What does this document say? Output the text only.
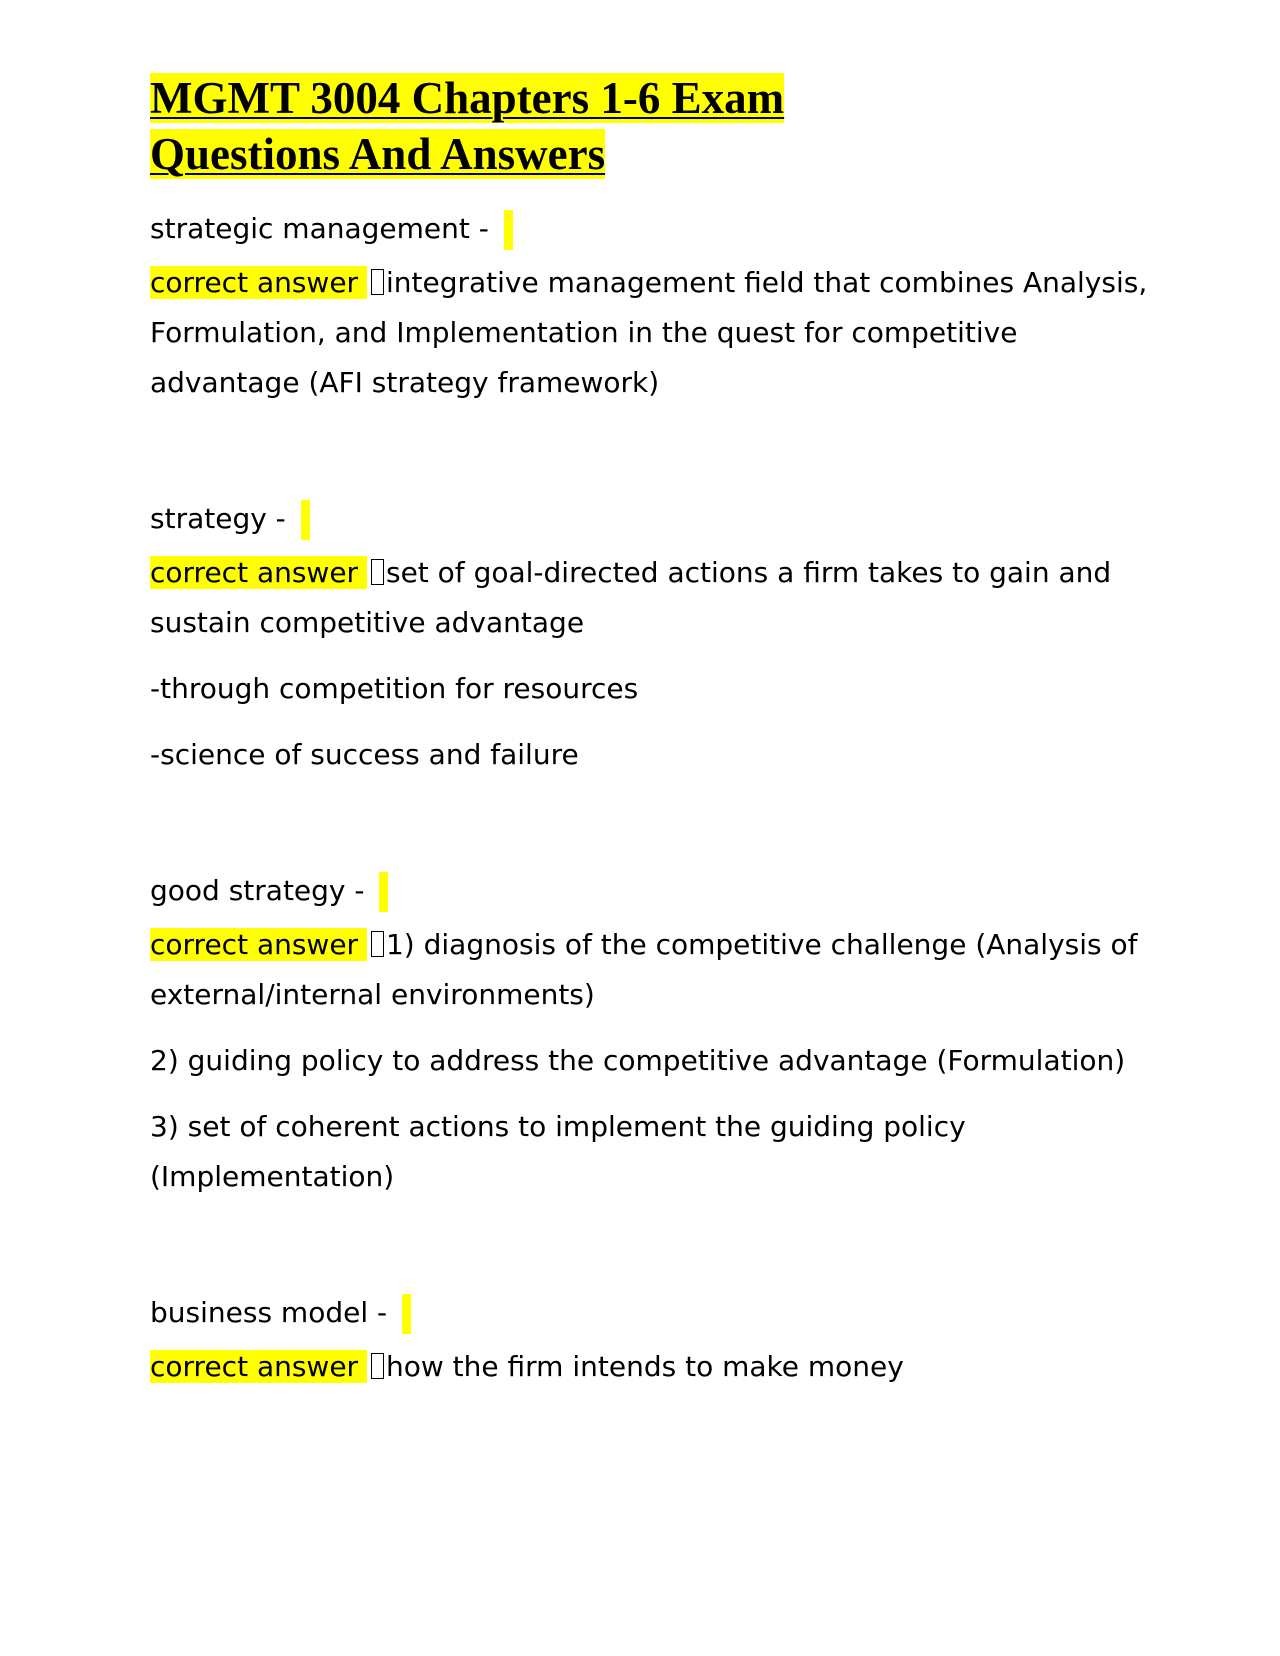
MGMT 3004 Chapters 1-6 Exam
Questions And Answers

strategic management -

correct answer integrative management field that combines Analysis, Formulation, and Implementation in the quest for competitive advantage (AFI strategy framework)

strategy -

correct answer set of goal-directed actions a firm takes to gain and sustain competitive advantage

-through competition for resources

-science of success and failure

good strategy -

correct answer 1) diagnosis of the competitive challenge (Analysis of external/internal environments)

2) guiding policy to address the competitive advantage (Formulation)

3) set of coherent actions to implement the guiding policy (Implementation)

business model -

correct answer how the firm intends to make money
